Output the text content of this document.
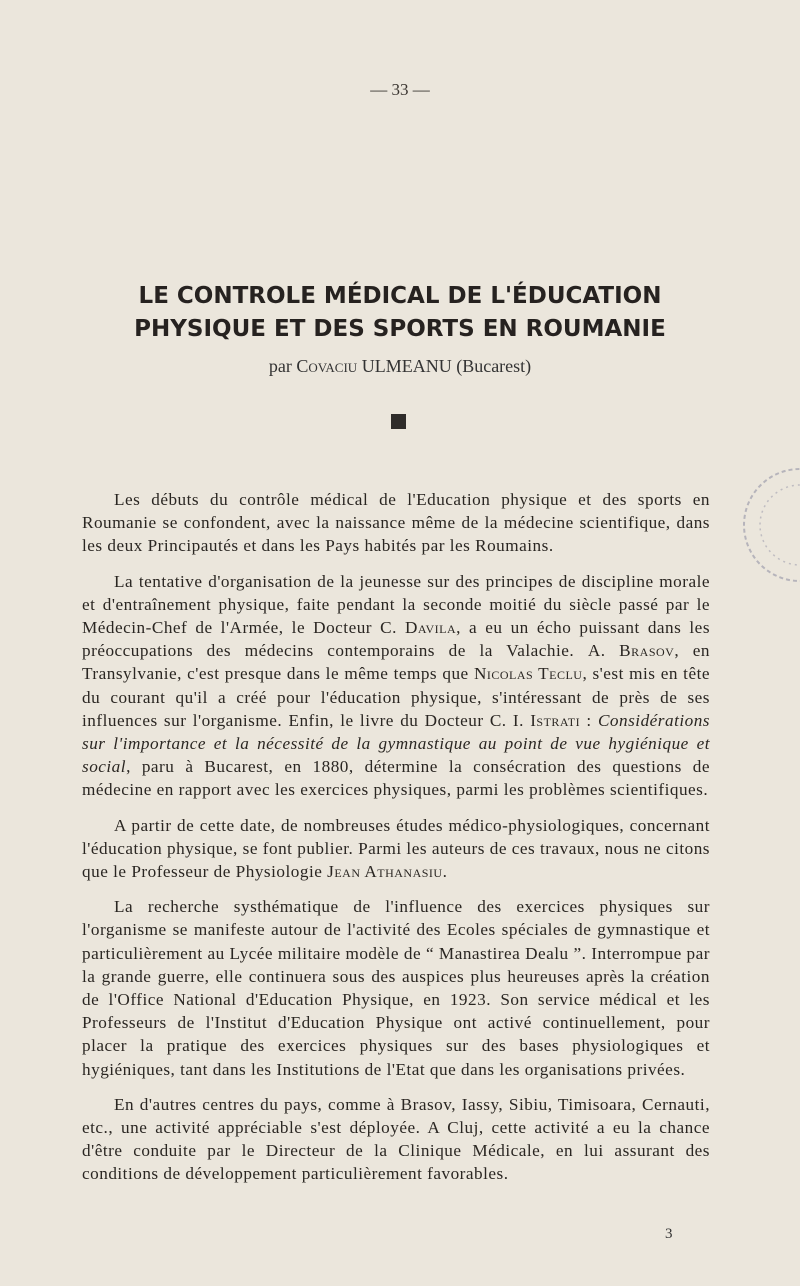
— 33 —
LE CONTROLE MÉDICAL DE L'ÉDUCATION
PHYSIQUE ET DES SPORTS EN ROUMANIE
par Covaciu ULMEANU (Bucarest)

Les débuts du contrôle médical de l'Education physique et des sports en Roumanie se confondent, avec la naissance même de la médecine scientifique, dans les deux Principautés et dans les Pays habités par les Roumains.

La tentative d'organisation de la jeunesse sur des principes de discipline morale et d'entraînement physique, faite pendant la seconde moitié du siècle passé par le Médecin-Chef de l'Armée, le Docteur C. Davila, a eu un écho puissant dans les préoccupations des médecins contemporains de la Valachie. A. Brasov, en Transylvanie, c'est presque dans le même temps que Nicolas Teclu, s'est mis en tête du courant qu'il a créé pour l'éducation physique, s'intéressant de près de ses influences sur l'organisme. Enfin, le livre du Docteur C. I. Istrati : Considérations sur l'importance et la nécessité de la gymnastique au point de vue hygiénique et social, paru à Bucarest, en 1880, détermine la consécration des questions de médecine en rapport avec les exercices physiques, parmi les problèmes scientifiques.

A partir de cette date, de nombreuses études médico-physiologiques, concernant l'éducation physique, se font publier. Parmi les auteurs de ces travaux, nous ne citons que le Professeur de Physiologie Jean Athanasiu.

La recherche systhématique de l'influence des exercices physiques sur l'organisme se manifeste autour de l'activité des Ecoles spéciales de gymnastique et particulièrement au Lycée militaire modèle de “ Manastirea Dealu ”. Interrompue par la grande guerre, elle continuera sous des auspices plus heureuses après la création de l'Office National d'Education Physique, en 1923. Son service médical et les Professeurs de l'Institut d'Education Physique ont activé continuellement, pour placer la pratique des exercices physiques sur des bases physiologiques et hygiéniques, tant dans les Institutions de l'Etat que dans les organisations privées.

En d'autres centres du pays, comme à Brasov, Iassy, Sibiu, Timisoara, Cernauti, etc., une activité appréciable s'est déployée. A Cluj, cette activité a eu la chance d'être conduite par le Directeur de la Clinique Médicale, en lui assurant des conditions de développement particulièrement favorables.

3
